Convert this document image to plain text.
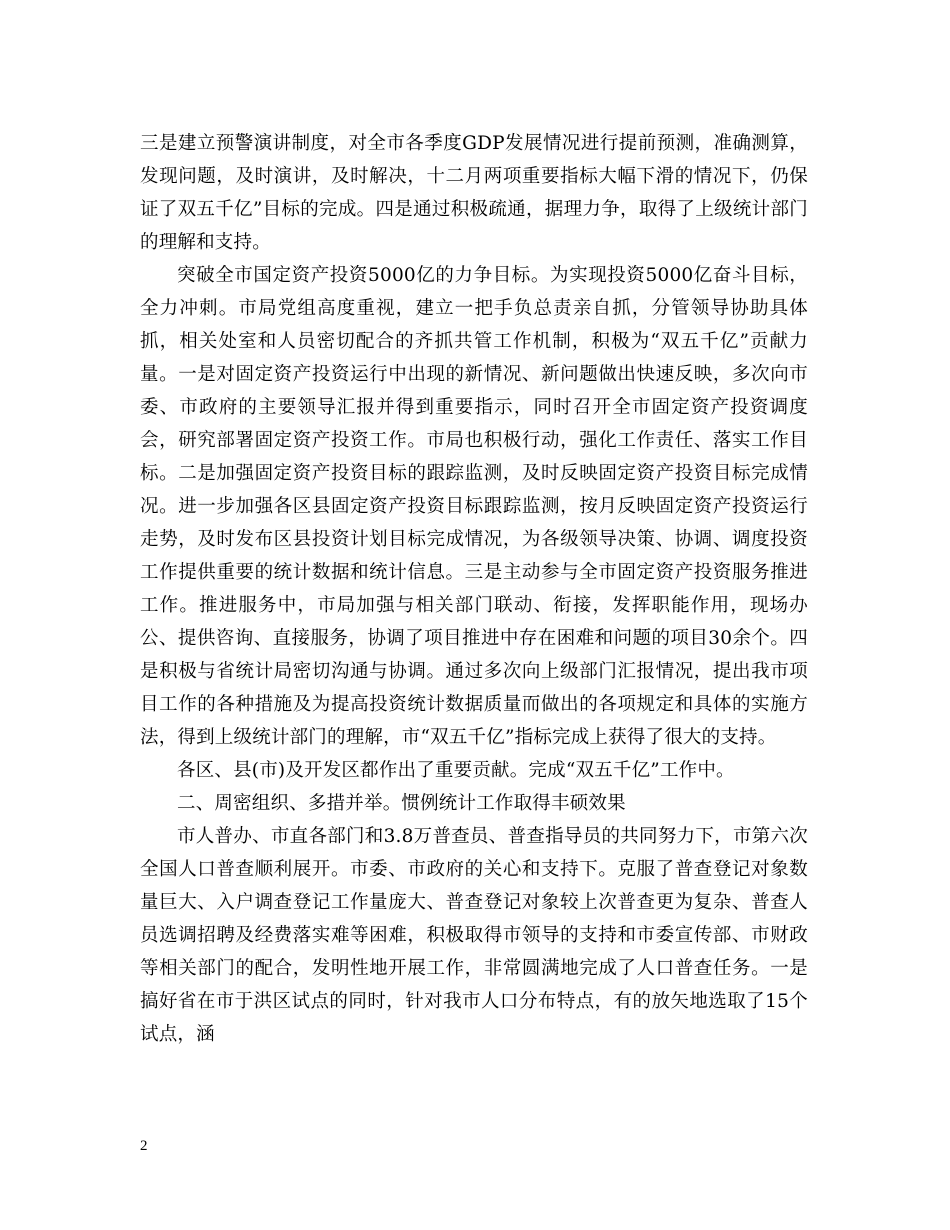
三是建立预警演讲制度，对全市各季度GDP发展情况进行提前预测，准确测算，发现问题，及时演讲，及时解决，十二月两项重要指标大幅下滑的情况下，仍保证了双五千亿”目标的完成。四是通过积极疏通，据理力争，取得了上级统计部门的理解和支持。

突破全市国定资产投资5000亿的力争目标。为实现投资5000亿奋斗目标，全力冲刺。市局党组高度重视，建立一把手负总责亲自抓，分管领导协助具体抓，相关处室和人员密切配合的齐抓共管工作机制，积极为“双五千亿”贡献力量。一是对固定资产投资运行中出现的新情况、新问题做出快速反映，多次向市委、市政府的主要领导汇报并得到重要指示，同时召开全市固定资产投资调度会，研究部署固定资产投资工作。市局也积极行动，强化工作责任、落实工作目标。二是加强固定资产投资目标的跟踪监测，及时反映固定资产投资目标完成情况。进一步加强各区县固定资产投资目标跟踪监测，按月反映固定资产投资运行走势，及时发布区县投资计划目标完成情况，为各级领导决策、协调、调度投资工作提供重要的统计数据和统计信息。三是主动参与全市固定资产投资服务推进工作。推进服务中，市局加强与相关部门联动、衔接，发挥职能作用，现场办公、提供咨询、直接服务，协调了项目推进中存在困难和问题的项目30余个。四是积极与省统计局密切沟通与协调。通过多次向上级部门汇报情况，提出我市项目工作的各种措施及为提高投资统计数据质量而做出的各项规定和具体的实施方法，得到上级统计部门的理解，市“双五千亿”指标完成上获得了很大的支持。

各区、县(市)及开发区都作出了重要贡献。完成“双五千亿”工作中。

二、周密组织、多措并举。惯例统计工作取得丰硕效果

市人普办、市直各部门和3.8万普查员、普查指导员的共同努力下，市第六次全国人口普查顺利展开。市委、市政府的关心和支持下。克服了普查登记对象数量巨大、入户调查登记工作量庞大、普查登记对象较上次普查更为复杂、普查人员选调招聘及经费落实难等困难，积极取得市领导的支持和市委宣传部、市财政等相关部门的配合，发明性地开展工作，非常圆满地完成了人口普查任务。一是搞好省在市于洪区试点的同时，针对我市人口分布特点，有的放矢地选取了15个试点，涵

2
